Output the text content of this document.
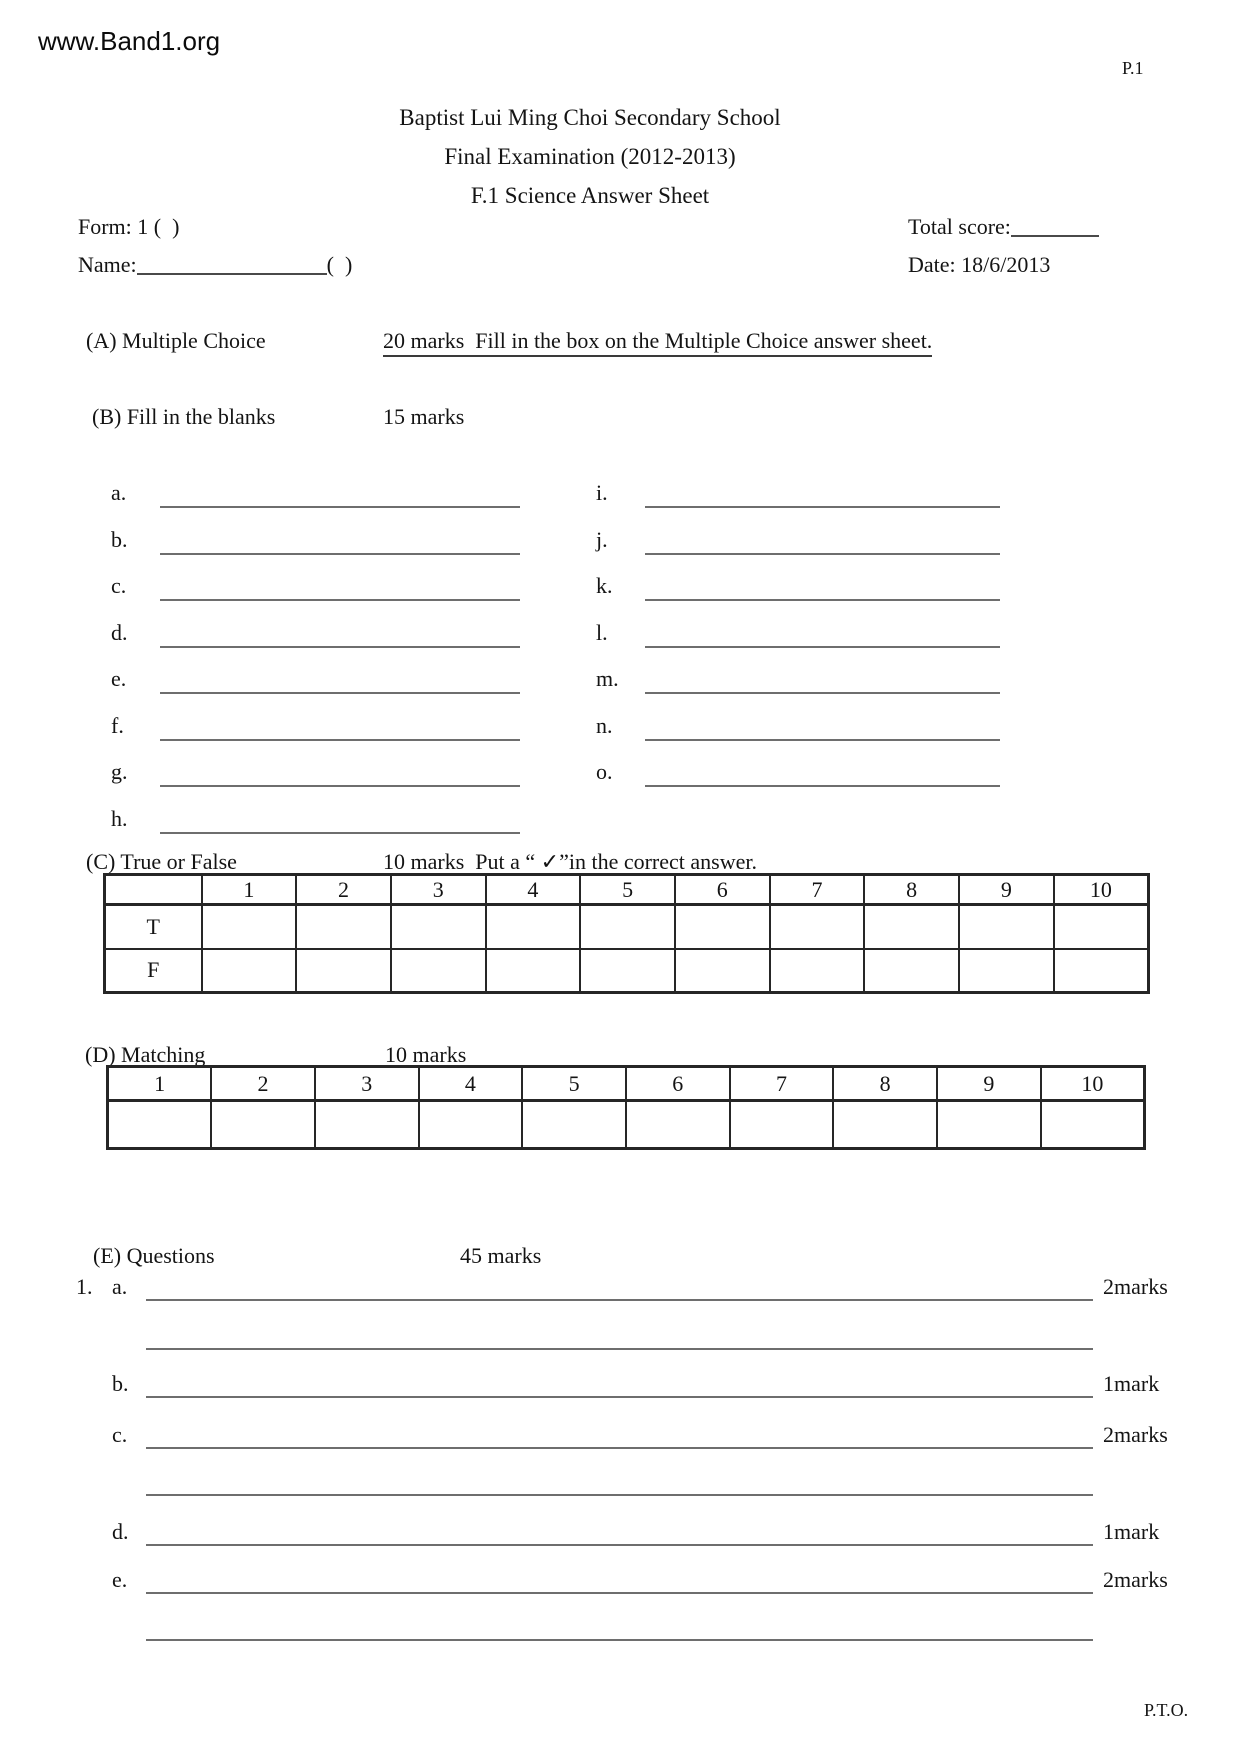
www.Band1.org
P.1
Baptist Lui Ming Choi Secondary School
Final Examination (2012-2013)
F.1 Science Answer Sheet
Form: 1 (  )	Total score:
Name:	(  )	Date: 18/6/2013
(A) Multiple Choice	20 marks  Fill in the box on the Multiple Choice answer sheet.
(B) Fill in the blanks	15 marks
a.
b.
c.
d.
e.
f.
g.
h.
i.
j.
k.
l.
m.
n.
o.
(C) True or False	10 marks  Put a “ ✓”in the correct answer.
	1	2	3	4	5	6	7	8	9	10
T										
F										
(D) Matching	10 marks
1	2	3	4	5	6	7	8	9	10

(E) Questions	45 marks
1. a.	2marks
b.	1mark
c.	2marks
d.	1mark
e.	2marks
P.T.O.
